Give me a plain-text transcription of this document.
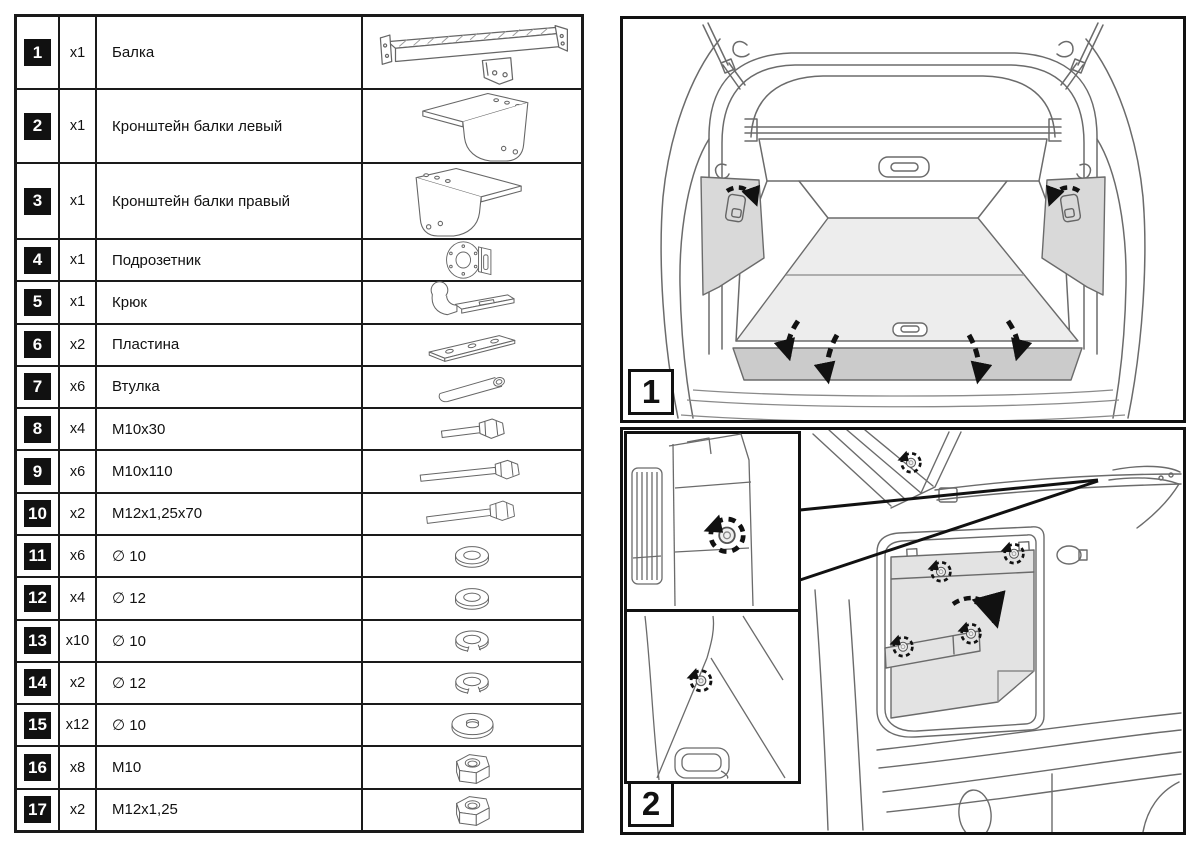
1	x1	Балка
2	x1	Кронштейн балки левый
3	x1	Кронштейн балки правый
4	x1	Подрозетник
5	x1	Крюк
6	x2	Пластина
7	x6	Втулка
8	x4	M10x30
9	x6	M10x110
10	x2	M12x1,25x70
11	x6	∅ 10
12	x4	∅ 12
13	x10	∅ 10
14	x2	∅ 12
15	x12	∅ 10
16	x8	M10
17	x2	M12x1,25
1
2
